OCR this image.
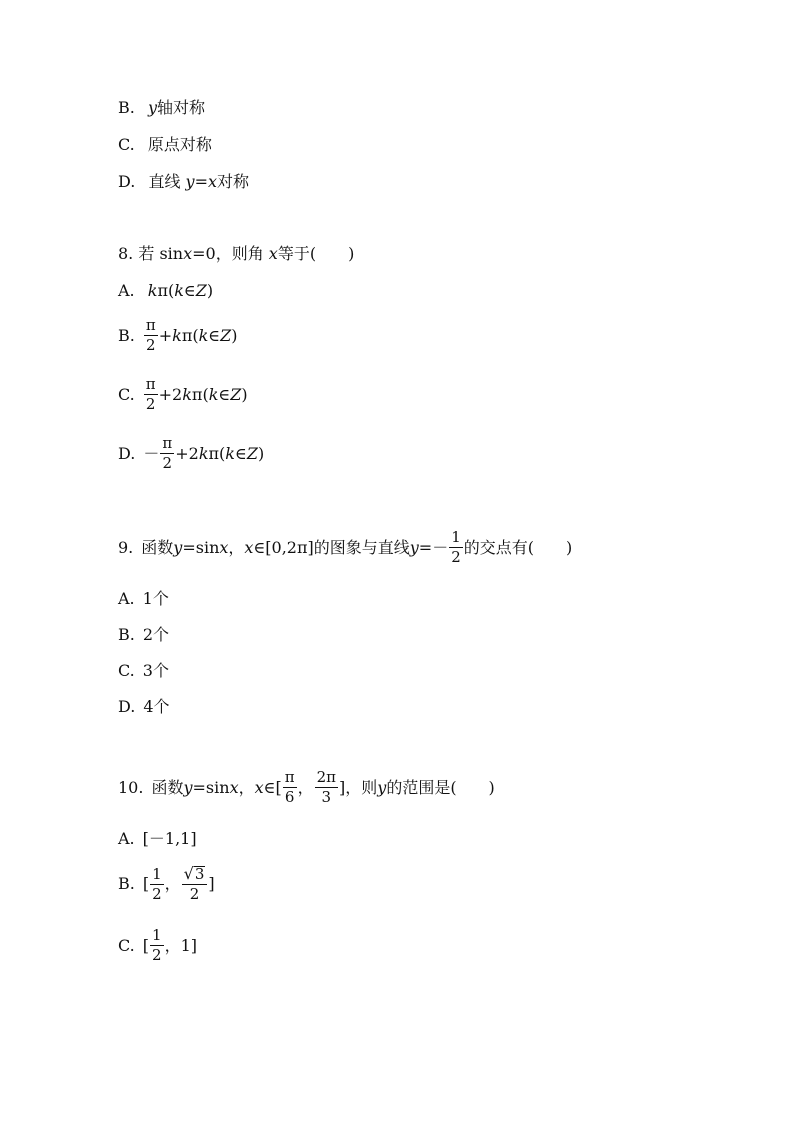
B. y轴对称
C. 原点对称
D. 直线 y=x对称
8. 若 sinx=0，则角 x等于(　　)
A. kπ(k∈Z)
B. $\frac{\pi}{2} + k$ π ( k ∈ Z )
C. $\frac{\pi}{2} +2$ k π ( k ∈ Z )
D. － $\frac{\pi}{2} +2$ k π ( k ∈ Z )
9. 函数 y =sin x ， x ∈[0,2π]的图象与直线 $y =- \frac{1}{2}$ 的交点有(　　)
A. 1个
B. 2个
C. 3个
D. 4个
10. 函数 y =sin x ， x ∈[ $\frac{\pi}{6}$ ， $\frac{2\pi}{3}$ ]，则 y 的范围是(　　)
A. [－1,1]
B. [ $\frac{1}{2}$ ， $\frac{√ 3}{2}$ ]
C. [ $\frac{1}{2}$ ， 1]
